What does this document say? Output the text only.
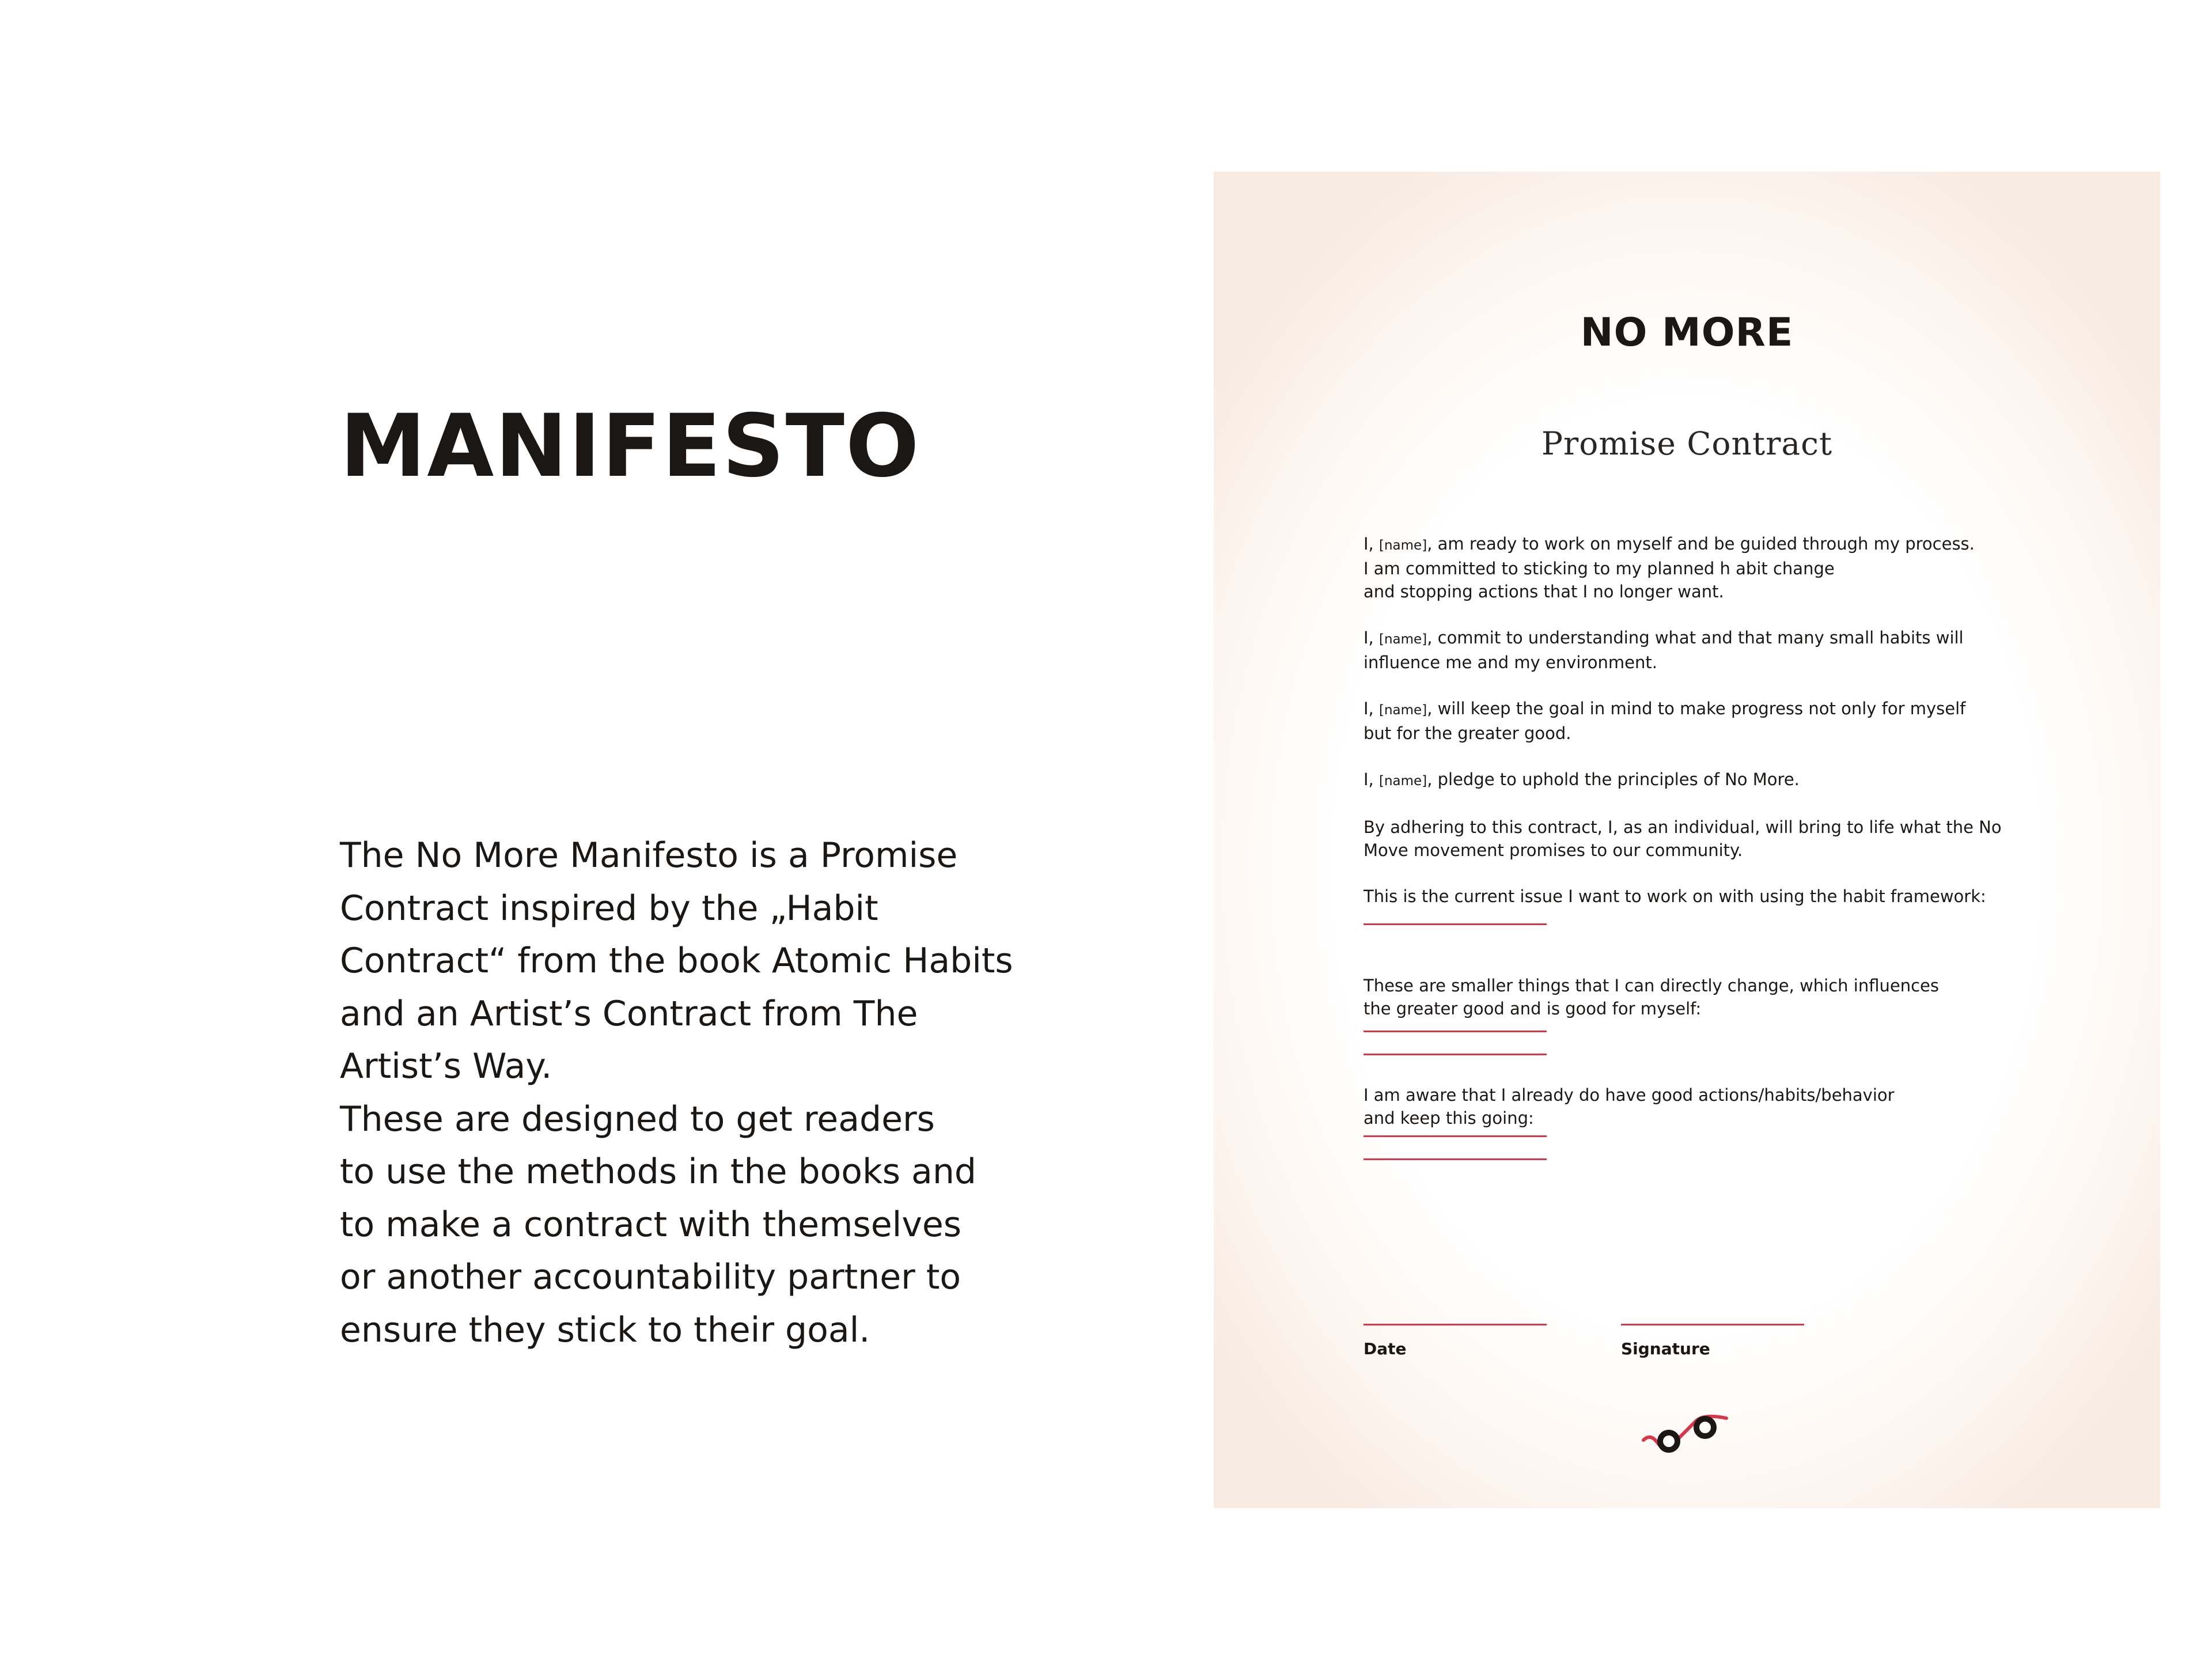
MANIFESTO

The No More Manifesto is a Promise

Contract inspired by the „Habit

Contract“ from the book Atomic Habits

and an Artist’s Contract from The

Artist’s Way.

These are designed to get readers

to use the methods in the books and

to make a contract with themselves

or another accountability partner to

ensure they stick to their goal.

NO MORE
Promise Contract
I, [name], am ready to work on myself and be guided through my process.
I am committed to sticking to my planned h abit change
and stopping actions that I no longer want.
I, [name], commit to understanding what and that many small habits will
influence me and my environment.
I, [name], will keep the goal in mind to make progress not only for myself
but for the greater good.
I, [name], pledge to uphold the principles of No More.
By adhering to this contract, I, as an individual, will bring to life what the No
Move movement promises to our community.
This is the current issue I want to work on with using the habit framework:
These are smaller things that I can directly change, which influences
the greater good and is good for myself:
I am aware that I already do have good actions/habits/behavior
and keep this going:
Date	Signature
